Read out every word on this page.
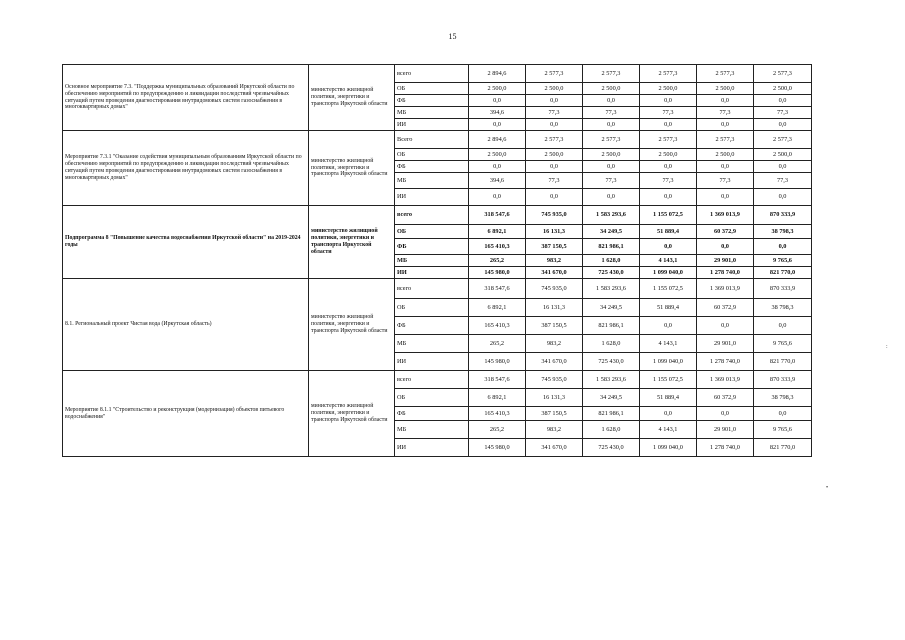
15
Основное мероприятие 7.3. "Поддержка муниципальных образований Иркутской области по обеспечению мероприятий по предупреждению и ликвидации последствий чрезвычайных ситуаций путем проведения диагностирования внутридомовых систем газоснабжения в многоквартирных домах"	министерство жилищной политики, энергетики и транспорта Иркутской области	всего	2 894,6	2 577,3	2 577,3	2 577,3	2 577,3	2 577,3
		ОБ	2 500,0	2 500,0	2 500,0	2 500,0	2 500,0	2 500,0
		ФБ	0,0	0,0	0,0	0,0	0,0	0,0
		МБ	394,6	77,3	77,3	77,3	77,3	77,3
		ИИ	0,0	0,0	0,0	0,0	0,0	0,0
Мероприятие 7.3.1 "Оказание содействия муниципальным образованиям Иркутской области по обеспечению мероприятий по предупреждению и ликвидации последствий чрезвычайных ситуаций путем проведения диагностирования внутридомовых систем газоснабжения в многоквартирных домах"	министерство жилищной политики, энергетики и транспорта Иркутской области	Всего	2 894,6	2 577,3	2 577,3	2 577,3	2 577,3	2 577,3
		ОБ	2 500,0	2 500,0	2 500,0	2 500,0	2 500,0	2 500,0
		ФБ	0,0	0,0	0,0	0,0	0,0	0,0
		МБ	394,6	77,3	77,3	77,3	77,3	77,3
		ИИ	0,0	0,0	0,0	0,0	0,0	0,0
Подпрограмма 8 "Повышение качества водоснабжения Иркутской области" на 2019-2024 годы	министерство жилищной политики, энергетики и транспорта Иркутской области	всего	318 547,6	745 935,0	1 583 293,6	1 155 072,5	1 369 013,9	870 333,9
		ОБ	6 892,1	16 131,3	34 249,5	51 889,4	60 372,9	38 798,3
		ФБ	165 410,3	387 150,5	821 986,1	0,0	0,0	0,0
		МБ	265,2	983,2	1 628,0	4 143,1	29 901,0	9 765,6
		ИИ	145 980,0	341 670,0	725 430,0	1 099 040,0	1 278 740,0	821 770,0
8.1. Региональный проект Чистая вода (Иркутская область)	министерство жилищной политики, энергетики и транспорта Иркутской области	всего	318 547,6	745 935,0	1 583 293,6	1 155 072,5	1 369 013,9	870 333,9
		ОБ	6 892,1	16 131,3	34 249,5	51 889,4	60 372,9	38 798,3
		ФБ	165 410,3	387 150,5	821 986,1	0,0	0,0	0,0
		МБ	265,2	983,2	1 628,0	4 143,1	29 901,0	9 765,6
		ИИ	145 980,0	341 670,0	725 430,0	1 099 040,0	1 278 740,0	821 770,0
Мероприятие 8.1.1 "Строительство и реконструкция (модернизация) объектов питьевого водоснабжения"	министерство жилищной политики, энергетики и транспорта Иркутской области	всего	318 547,6	745 935,0	1 583 293,6	1 155 072,5	1 369 013,9	870 333,9
		ОБ	6 892,1	16 131,3	34 249,5	51 889,4	60 372,9	38 798,3
		ФБ	165 410,3	387 150,5	821 986,1	0,0	0,0	0,0
		МБ	265,2	983,2	1 628,0	4 143,1	29 901,0	9 765,6
		ИИ	145 980,0	341 670,0	725 430,0	1 099 040,0	1 278 740,0	821 770,0
:
•
